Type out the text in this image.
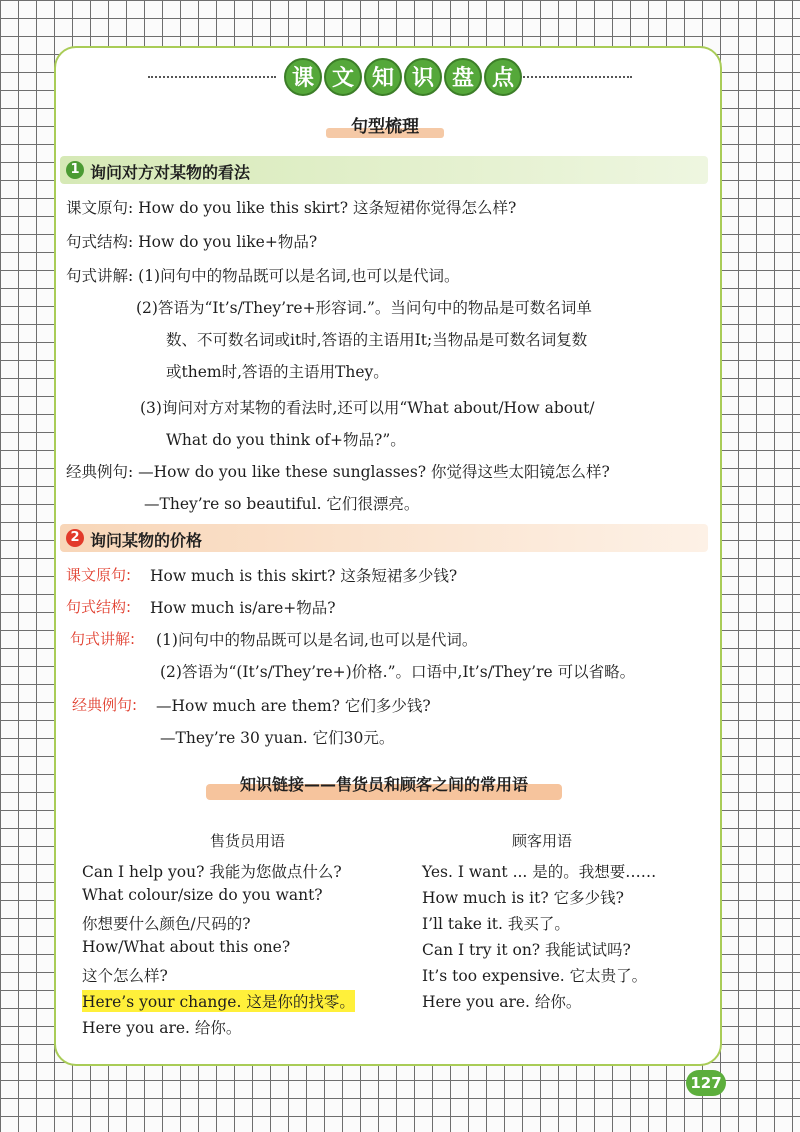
课 文 知 识 盘 点
句型梳理
1 询问对方对某物的看法
课文原句: How do you like this skirt? 这条短裙你觉得怎么样?
句式结构: How do you like+物品?
句式讲解: (1)问句中的物品既可以是名词,也可以是代词。
(2)答语为“It’s/They’re+形容词.”。当问句中的物品是可数名词单
数、不可数名词或it时,答语的主语用It;当物品是可数名词复数
或them时,答语的主语用They。
(3)询问对方对某物的看法时,还可以用“What about/How about/
What do you think of+物品?”。
经典例句: —How do you like these sunglasses? 你觉得这些太阳镜怎么样?
—They’re so beautiful. 它们很漂亮。
2 询问某物的价格
课文原句: How much is this skirt? 这条短裙多少钱?
句式结构: How much is/are+物品?
句式讲解: (1)问句中的物品既可以是名词,也可以是代词。
(2)答语为“(It’s/They’re+)价格.”。口语中,It’s/They’re 可以省略。
经典例句: —How much are them? 它们多少钱?
—They’re 30 yuan. 它们30元。
知识链接——售货员和顾客之间的常用语
售货员用语	顾客用语
Can I help you? 我能为您做点什么?
What colour/size do you want?
你想要什么颜色/尺码的?
How/What about this one?
这个怎么样?
Here’s your change. 这是你的找零。
Here you are. 给你。
Yes. I want ... 是的。我想要……
How much is it? 它多少钱?
I’ll take it. 我买了。
Can I try it on? 我能试试吗?
It’s too expensive. 它太贵了。
Here you are. 给你。
127
